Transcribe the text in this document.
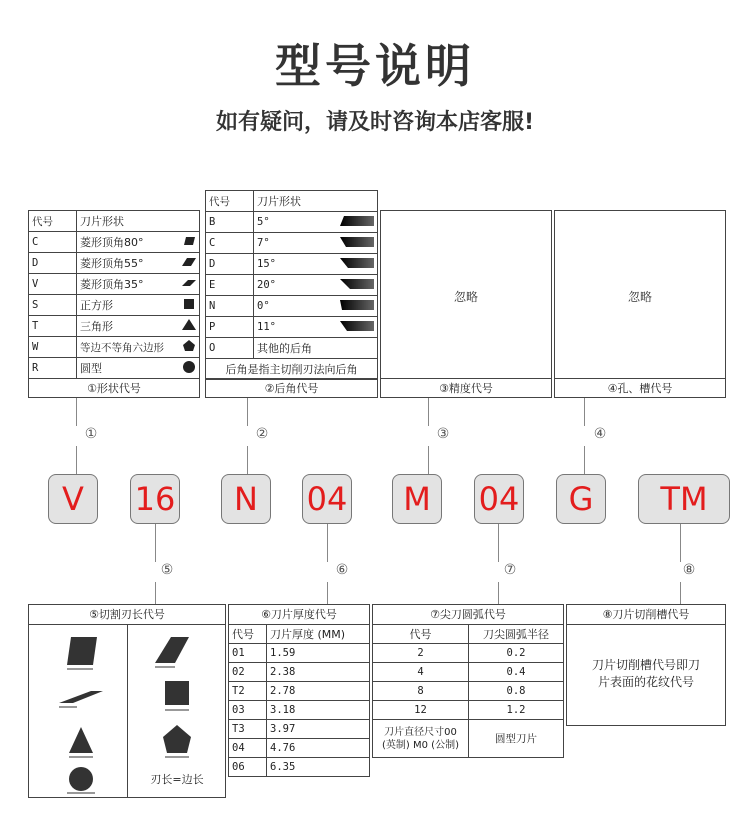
型号说明
如有疑问，请及时咨询本店客服!
代号	刀片形状	
C	菱形顶角80°	
D	菱形顶角55°	
V	菱形顶角35°	
S	正方形	
T	三角形	
W	等边不等角六边形	
R	圆型	
①形状代号
代号	刀片形状	
B	5°	
C	7°	
D	15°	
E	20°	
N	0°	
P	11°	
O	其他的后角	
后角是指主切削刃法向后角		
②后角代号
忽略
③精度代号
忽略
④孔、槽代号
①	②	③	④
V	16	N	04	M	04	G	TM
⑤	⑥	⑦	⑧
⑤切割刃长代号
刃长=边长
⑥刀片厚度代号
代号	刀片厚度 (MM)
01	1.59
02	2.38
T2	2.78
03	3.18
T3	3.97
04	4.76
06	6.35
⑦尖刀圆弧代号
代号	刀尖圆弧半径
2	0.2
4	0.4
8	0.8
12	1.2
刀片直径尺寸00 (英制) M0 (公制)	圆型刀片
⑧刀片切削槽代号
刀片切削槽代号即刀片表面的花纹代号
